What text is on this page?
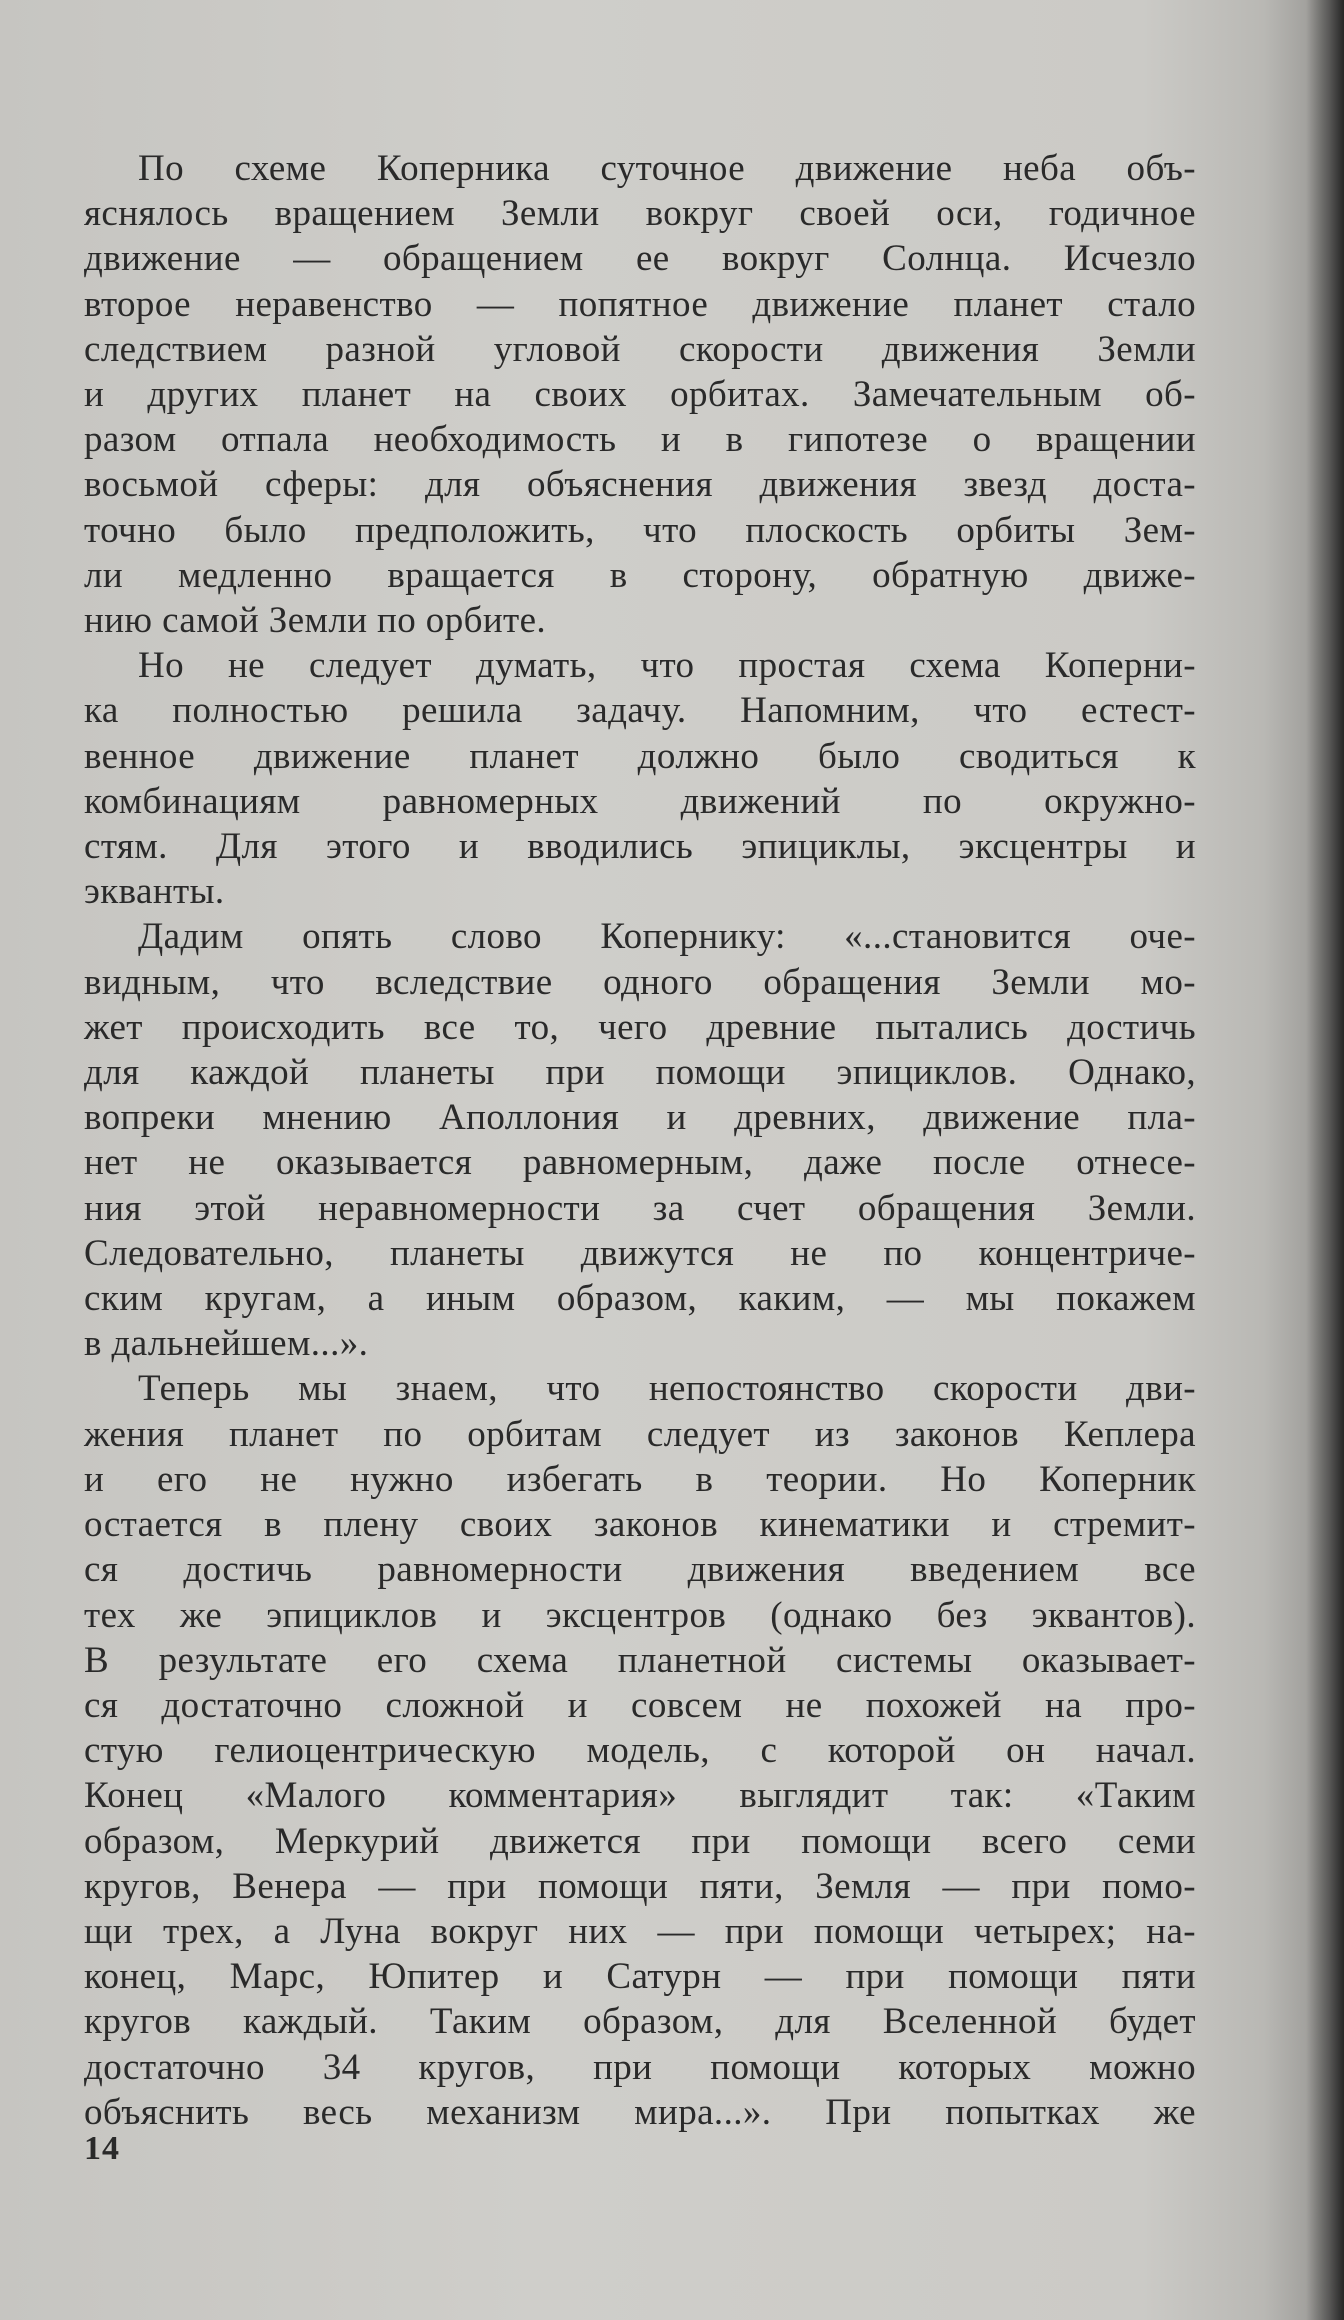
По схеме Коперника суточное движение неба объ-
яснялось вращением Земли вокруг своей оси, годичное
движение — обращением ее вокруг Солнца. Исчезло
второе неравенство — попятное движение планет стало
следствием разной угловой скорости движения Земли
и других планет на своих орбитах. Замечательным об-
разом отпала необходимость и в гипотезе о вращении
восьмой сферы: для объяснения движения звезд доста-
точно было предположить, что плоскость орбиты Зем-
ли медленно вращается в сторону, обратную движе-
нию самой Земли по орбите.

Но не следует думать, что простая схема Коперни-
ка полностью решила задачу. Напомним, что естест-
венное движение планет должно было сводиться к
комбинациям равномерных движений по окружно-
стям. Для этого и вводились эпициклы, эксцентры и
экванты.

Дадим опять слово Копернику: «...становится оче-
видным, что вследствие одного обращения Земли мо-
жет происходить все то, чего древние пытались достичь
для каждой планеты при помощи эпициклов. Однако,
вопреки мнению Аполлония и древних, движение пла-
нет не оказывается равномерным, даже после отнесе-
ния этой неравномерности за счет обращения Земли.
Следовательно, планеты движутся не по концентриче-
ским кругам, а иным образом, каким, — мы покажем
в дальнейшем...».

Теперь мы знаем, что непостоянство скорости дви-
жения планет по орбитам следует из законов Кеплера
и его не нужно избегать в теории. Но Коперник
остается в плену своих законов кинематики и стремит-
ся достичь равномерности движения введением все
тех же эпициклов и эксцентров (однако без эквантов).
В результате его схема планетной системы оказывает-
ся достаточно сложной и совсем не похожей на про-
стую гелиоцентрическую модель, с которой он начал.
Конец «Малого комментария» выглядит так: «Таким
образом, Меркурий движется при помощи всего семи
кругов, Венера — при помощи пяти, Земля — при помо-
щи трех, а Луна вокруг них — при помощи четырех; на-
конец, Марс, Юпитер и Сатурн — при помощи пяти
кругов каждый. Таким образом, для Вселенной будет
достаточно 34 кругов, при помощи которых можно
объяснить весь механизм мира...». При попытках же

14
